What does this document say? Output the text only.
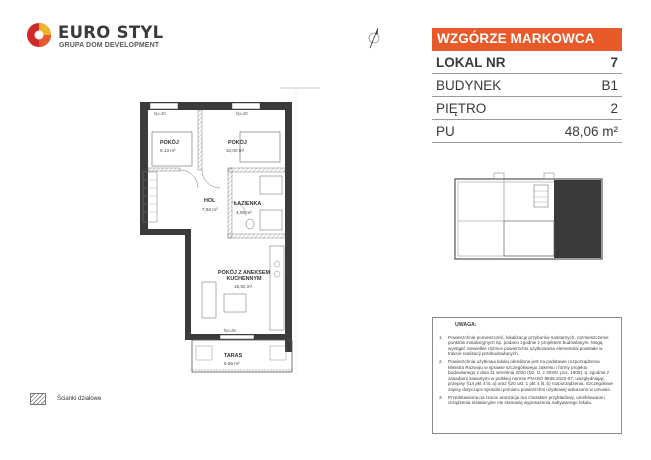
EURO STYL
GRUPA DOM DEVELOPMENT	WZGÓRZE MARKOWCA
LOKAL NR	7
BUDYNEK	B1
PIĘTRO	2
PU	48,06 m²
hp=20	hp=20
hp=25
POKÓJ
9,13 m²
POKÓJ
10,00 m²
HOL
7,92 m²
ŁAZIENKA
4,09 m²
POKÓJ Z ANEKSEM KUCHENNYM
16,92 m²
TARAS
6,56 m²
UWAGA:
1.	Powierzchnię pomieszczeń, lokalizację przyborów sanitarnych, rozmieszczenie punktów instalacyjnych itp. podano zgodnie z projektem budowlanym. Mogą wystąpić niewielkie różnice powierzchni użytkowania elementów powstałe w trakcie realizacji przebudowlanych.
2.	Powierzchnia użytkowa lokalu określona jest na podstawie rozporządzenia Ministra Rozwoju w sprawie szczegółowego zakresu i formy projektu budowlanego z dnia 11 września 2020 (Dz. U. z 2020r. poz. 1609), tj. zgodnie z zasadami zawartymi w polskiej normie PN-ISO 9836:2022-07, uwzględniając przepisy §14 pkt 4 lit. a) oraz §20 ust. 1 pkt 4 lit. b) rozporządzenia. Szczegółowe zapisy dotyczące sposobu pomiaru powierzchni użytkowej wskazano w umowie.
3.	Przedstawiona na rzucie aranżacja ma charakter przykładowy, umeblowanie i urządzenia instalacyjne nie stanowią wyposażenia nabywanego lokalu.
Ścianki działowe
